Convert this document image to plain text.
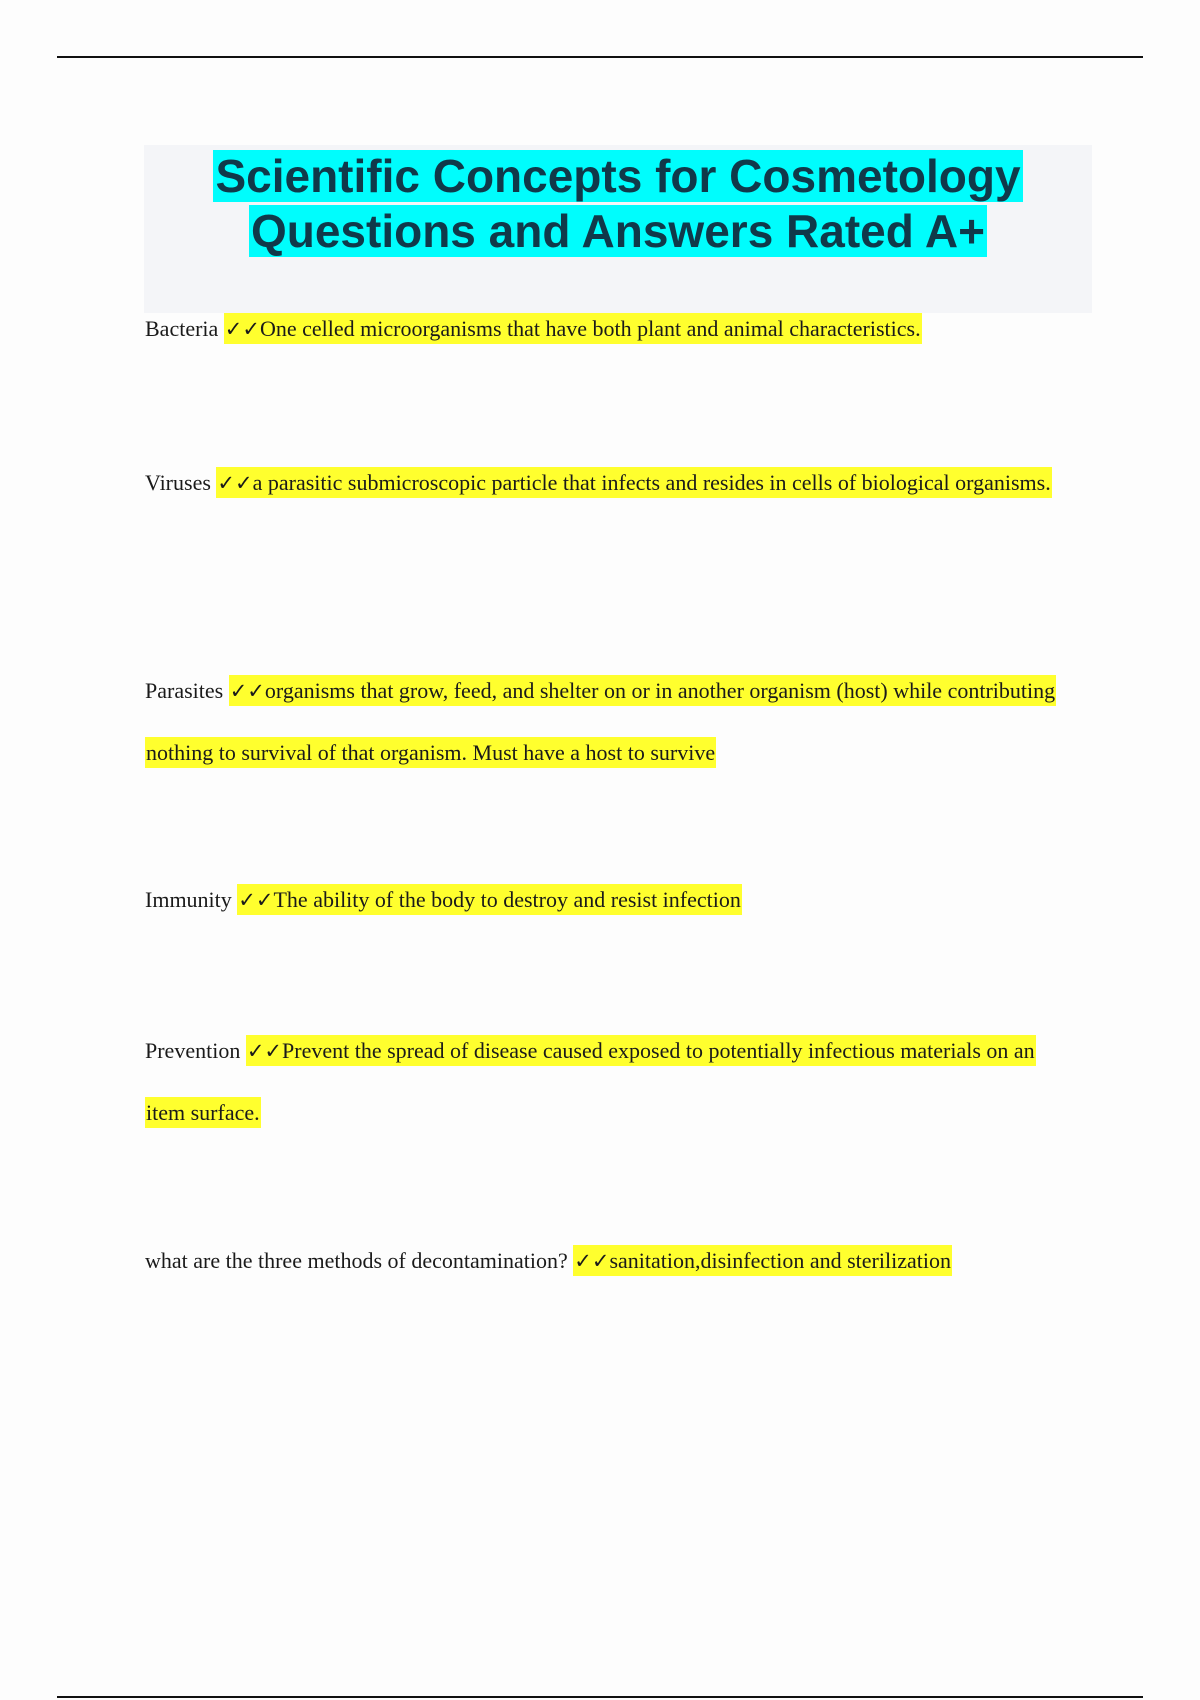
Scientific Concepts for Cosmetology

Questions and Answers Rated A+

Bacteria ✓✓One celled microorganisms that have both plant and animal characteristics.

Viruses ✓✓a parasitic submicroscopic particle that infects and resides in cells of biological organisms.

Parasites ✓✓organisms that grow, feed, and shelter on or in another organism (host) while contributing nothing to survival of that organism. Must have a host to survive

Immunity ✓✓The ability of the body to destroy and resist infection

Prevention ✓✓Prevent the spread of disease caused exposed to potentially infectious materials on an item surface.

what are the three methods of decontamination? ✓✓sanitation,disinfection and sterilization
